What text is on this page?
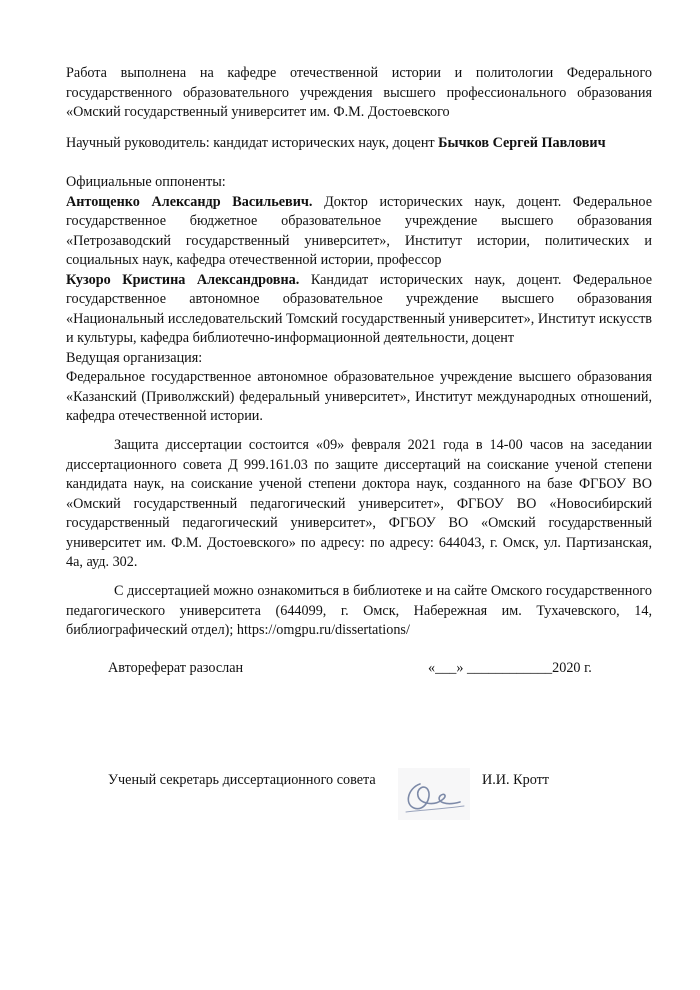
Работа выполнена на кафедре отечественной истории и политологии Федерального государственного образовательного учреждения высшего профессионального образования «Омский государственный университет им. Ф.М. Достоевского

Научный руководитель: кандидат исторических наук, доцент Бычков Сергей Павлович

Официальные оппоненты:
Антощенко Александр Васильевич. Доктор исторических наук, доцент. Федеральное государственное бюджетное образовательное учреждение высшего образования «Петрозаводский государственный университет», Институт истории, политических и социальных наук, кафедра отечественной истории, профессор
Кузоро Кристина Александровна. Кандидат исторических наук, доцент. Федеральное государственное автономное образовательное учреждение высшего образования «Национальный исследовательский Томский государственный университет», Институт искусств и культуры, кафедра библиотечно-информационной деятельности, доцент
Ведущая организация:
Федеральное государственное автономное образовательное учреждение высшего образования «Казанский (Приволжский) федеральный университет», Институт международных отношений, кафедра отечественной истории.

Защита диссертации состоится «09» февраля 2021 года в 14-00 часов на заседании диссертационного совета Д 999.161.03 по защите диссертаций на соискание ученой степени кандидата наук, на соискание ученой степени доктора наук, созданного на базе ФГБОУ ВО «Омский государственный педагогический университет», ФГБОУ ВО «Новосибирский государственный педагогический университет», ФГБОУ ВО «Омский государственный университет им. Ф.М. Достоевского» по адресу: по адресу: 644043, г. Омск, ул. Партизанская, 4а, ауд. 302.

С диссертацией можно ознакомиться в библиотеке и на сайте Омского государственного педагогического университета (644099, г. Омск, Набережная им. Тухачевского, 14, библиографический отдел); https://omgpu.ru/dissertations/

Автореферат разослан	«___» ____________2020 г.
Ученый секретарь диссертационного совета	И.И. Кротт
